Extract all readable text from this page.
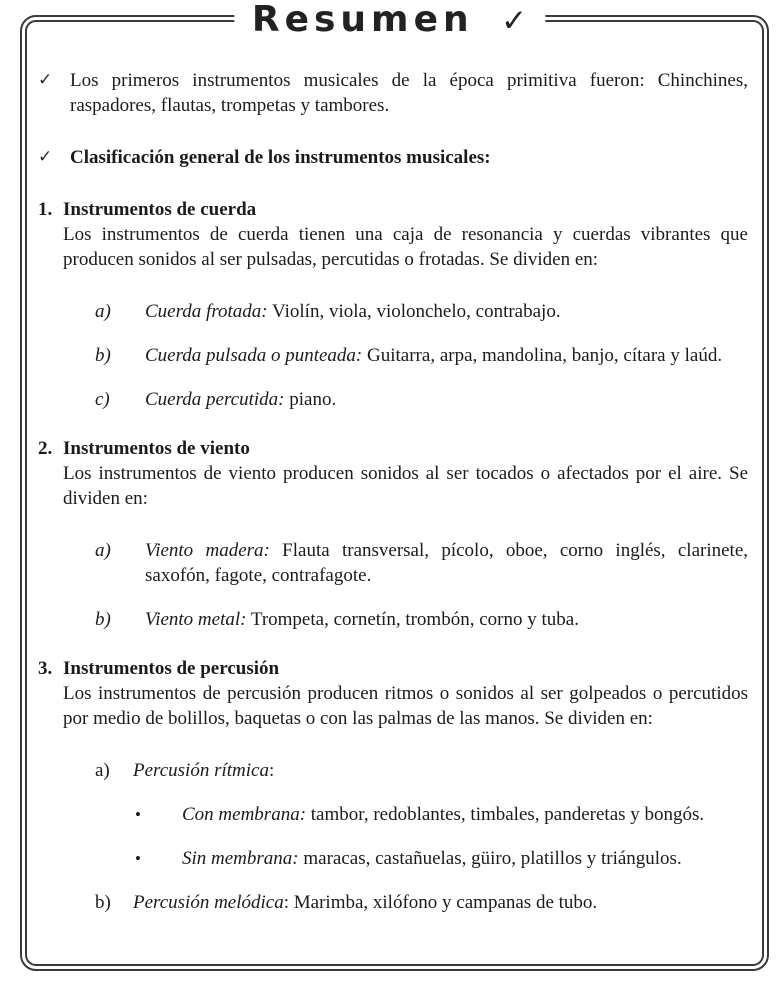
Resumen ✓
✓ Los primeros instrumentos musicales de la época primitiva fueron: Chinchines, raspadores, flautas, trompetas y tambores.
✓ Clasificación general de los instrumentos musicales:
1. Instrumentos de cuerda
Los instrumentos de cuerda tienen una caja de resonancia y cuerdas vibrantes que producen sonidos al ser pulsadas, percutidas o frotadas. Se dividen en:
a)	Cuerda frotada: Violín, viola, violonchelo, contrabajo.
b)	Cuerda pulsada o punteada: Guitarra, arpa, mandolina, banjo, cítara y laúd.
c)	Cuerda percutida: piano.
2. Instrumentos de viento
Los instrumentos de viento producen sonidos al ser tocados o afectados por el aire. Se dividen en:
a)	Viento madera: Flauta transversal, pícolo, oboe, corno inglés, clarinete, saxofón, fagote, contrafagote.
b)	Viento metal: Trompeta, cornetín, trombón, corno y tuba.
3. Instrumentos de percusión
Los instrumentos de percusión producen ritmos o sonidos al ser golpeados o percutidos por medio de bolillos, baquetas o con las palmas de las manos. Se dividen en:
a)	Percusión rítmica:
•	Con membrana: tambor, redoblantes, timbales, panderetas y bongós.
•	Sin membrana: maracas, castañuelas, güiro, platillos y triángulos.
b)	Percusión melódica: Marimba, xilófono y campanas de tubo.
